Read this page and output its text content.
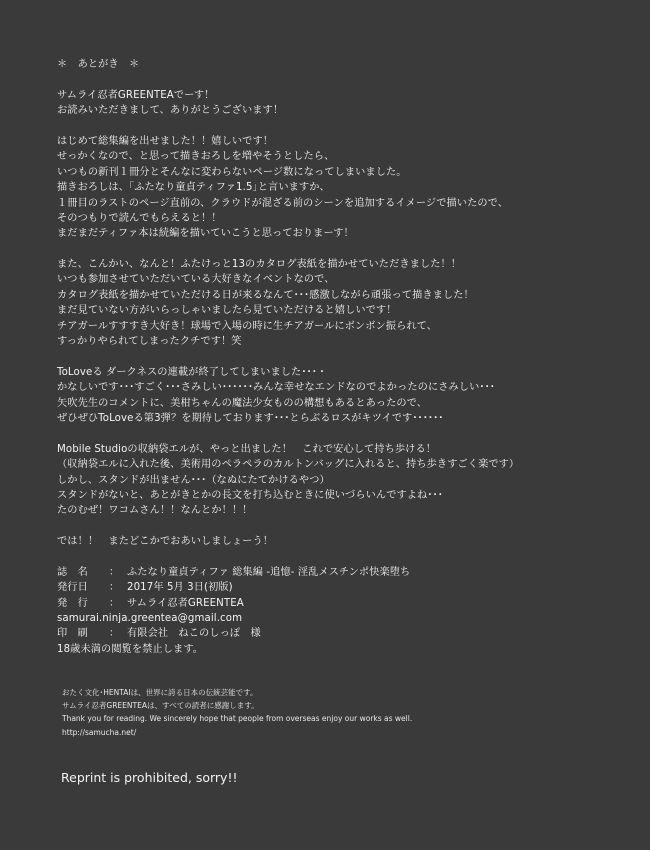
＊　あとがき　＊
サムライ忍者GREENTEAでーす！
お読みいただきまして、ありがとうございます！
はじめて総集編を出せました！！嬉しいです！
せっかくなので、と思って描きおろしを増やそうとしたら、
いつもの新刊１冊分とそんなに変わらないページ数になってしまいました。
描きおろしは、｢ふたなり童貞ティファ1.5｣と言いますか、
１冊目のラストのページ直前の、クラウドが混ざる前のシーンを追加するイメージで描いたので、
そのつもりで読んでもらえると！！
まだまだティファ本は続編を描いていこうと思っておりまーす！
また、こんかい、なんと！ふたけっと13のカタログ表紙を描かせていただきました！！
いつも参加させていただいている大好きなイベントなので、
カタログ表紙を描かせていただける日が来るなんて･･･感激しながら頑張って描きました！
まだ見ていない方がいらっしゃいましたら見ていただけると嬉しいです！
チアガールすすすき大好き！球場で入場の時に生チアガールにボンボン振られて、
すっかりやられてしまったクチです！笑
ToLoveる ダークネスの連載が終了してしまいました･･･・
かなしいです･･･すごく･･･さみしい･･････みんな幸せなエンドなのでよかったのにさみしい･･･
矢吹先生のコメントに、美柑ちゃんの魔法少女ものの構想もあるとあったので、
ぜひぜひToLoveる第3弾？を期待しております･･･とらぶるロスがキツイです･･････
Mobile Studioの収納袋エルが、やっと出ました！　これで安心して持ち歩ける！
（収納袋エルに入れた後、美術用のペラペラのカルトンバッグに入れると、持ち歩きすごく楽です）
しかし、スタンドが出ません･･･（なぬにたてかけるやつ）
スタンドがないと、あとがきとかの長文を打ち込むときに使いづらいんですよね･･･
たのむぜ！ワコムさん！！なんとか！！！
では！！　またどこかでおあいしましょーう！
誌　名	： ふたなり童貞ティファ 総集編 -追憶- 淫乱メスチンポ快楽堕ち
発行日	： 2017年 5月 3日(初版)
発　行	： サムライ忍者GREENTEA
samurai.ninja.greentea@gmail.com
印　刷	： 有限会社　ねこのしっぽ　様
18歳未満の閲覧を禁止します。
おたく文化･HENTAIは、世界に誇る日本の伝統芸能です。
サムライ忍者GREENTEAは、すべての読者に感謝します。
Thank you for reading. We sincerely hope that people from overseas enjoy our works as well.
http://samucha.net/
Reprint is prohibited, sorry!!
